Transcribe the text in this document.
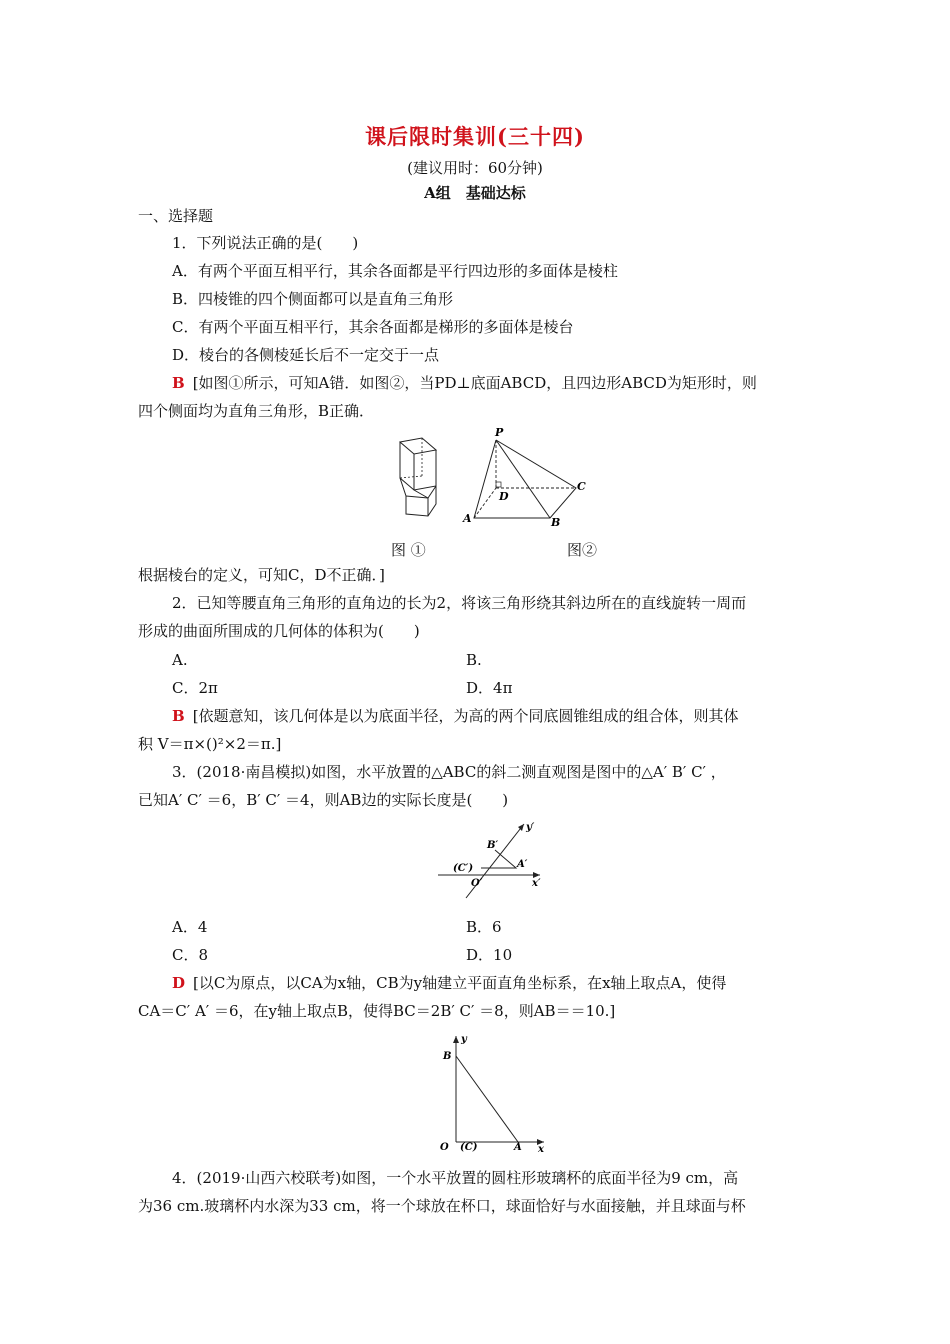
课后限时集训(三十四)
(建议用时：60分钟)
A组　基础达标
一、选择题
1．下列说法正确的是(　　)
A．有两个平面互相平行，其余各面都是平行四边形的多面体是棱柱
B．四棱锥的四个侧面都可以是直角三角形
C．有两个平面互相平行，其余各面都是梯形的多面体是棱台
D．棱台的各侧棱延长后不一定交于一点
B [如图①所示，可知A错．如图②，当PD⊥底面ABCD，且四边形ABCD为矩形时，则
四个侧面均为直角三角形，B正确．
P
D
C
A	B
图 ①	图②
根据棱台的定义，可知C，D不正确．]
2．已知等腰直角三角形的直角边的长为2，将该三角形绕其斜边所在的直线旋转一周而
形成的曲面所围成的几何体的体积为(　　)
A.	B.
C．2π	D．4π
B [依题意知，该几何体是以为底面半径，为高的两个同底圆锥组成的组合体，则其体
积 V＝π×()²×2＝π.]
3．(2018·南昌模拟)如图，水平放置的△ABC的斜二测直观图是图中的△A′ B′ C′ ，
已知A′ C′ ＝6，B′ C′ ＝4，则AB边的实际长度是(　　)
y′
B′
(C′)	A′
O′	x′
A．4	B．6
C．8	D．10
D [以C为原点，以CA为x轴，CB为y轴建立平面直角坐标系，在x轴上取点A，使得
CA＝C′ A′ ＝6，在y轴上取点B，使得BC＝2B′ C′ ＝8，则AB＝＝10.]
y
B
O (C)	A x
4．(2019·山西六校联考)如图，一个水平放置的圆柱形玻璃杯的底面半径为9 cm，高
为36 cm.玻璃杯内水深为33 cm，将一个球放在杯口，球面恰好与水面接触，并且球面与杯
